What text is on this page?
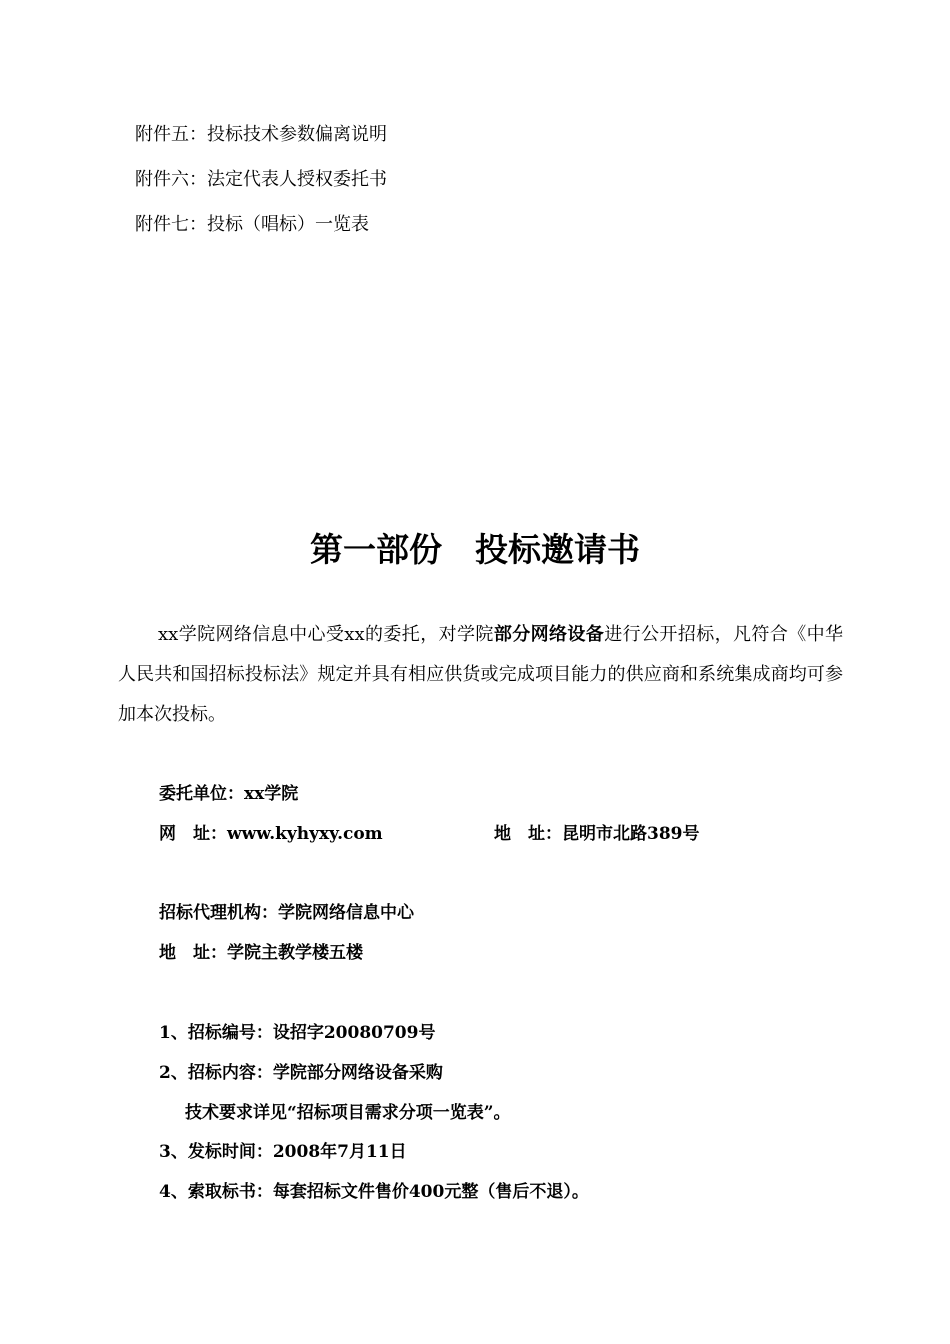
附件五：投标技术参数偏离说明
附件六：法定代表人授权委托书
附件七：投标（唱标）一览表
第一部份　投标邀请书

xx学院网络信息中心受xx的委托，对学院部分网络设备进行公开招标，凡符合《中华人民共和国招标投标法》规定并具有相应供货或完成项目能力的供应商和系统集成商均可参加本次投标。

委托单位：xx学院
网　址：www.kyhyxy.com	地　址：昆明市北路389号
招标代理机构：学院网络信息中心
地　址：学院主教学楼五楼
1、招标编号：设招字20080709号
2、招标内容：学院部分网络设备采购
技术要求详见“招标项目需求分项一览表”。
3、发标时间：2008年7月11日
4、索取标书：每套招标文件售价400元整（售后不退）。
